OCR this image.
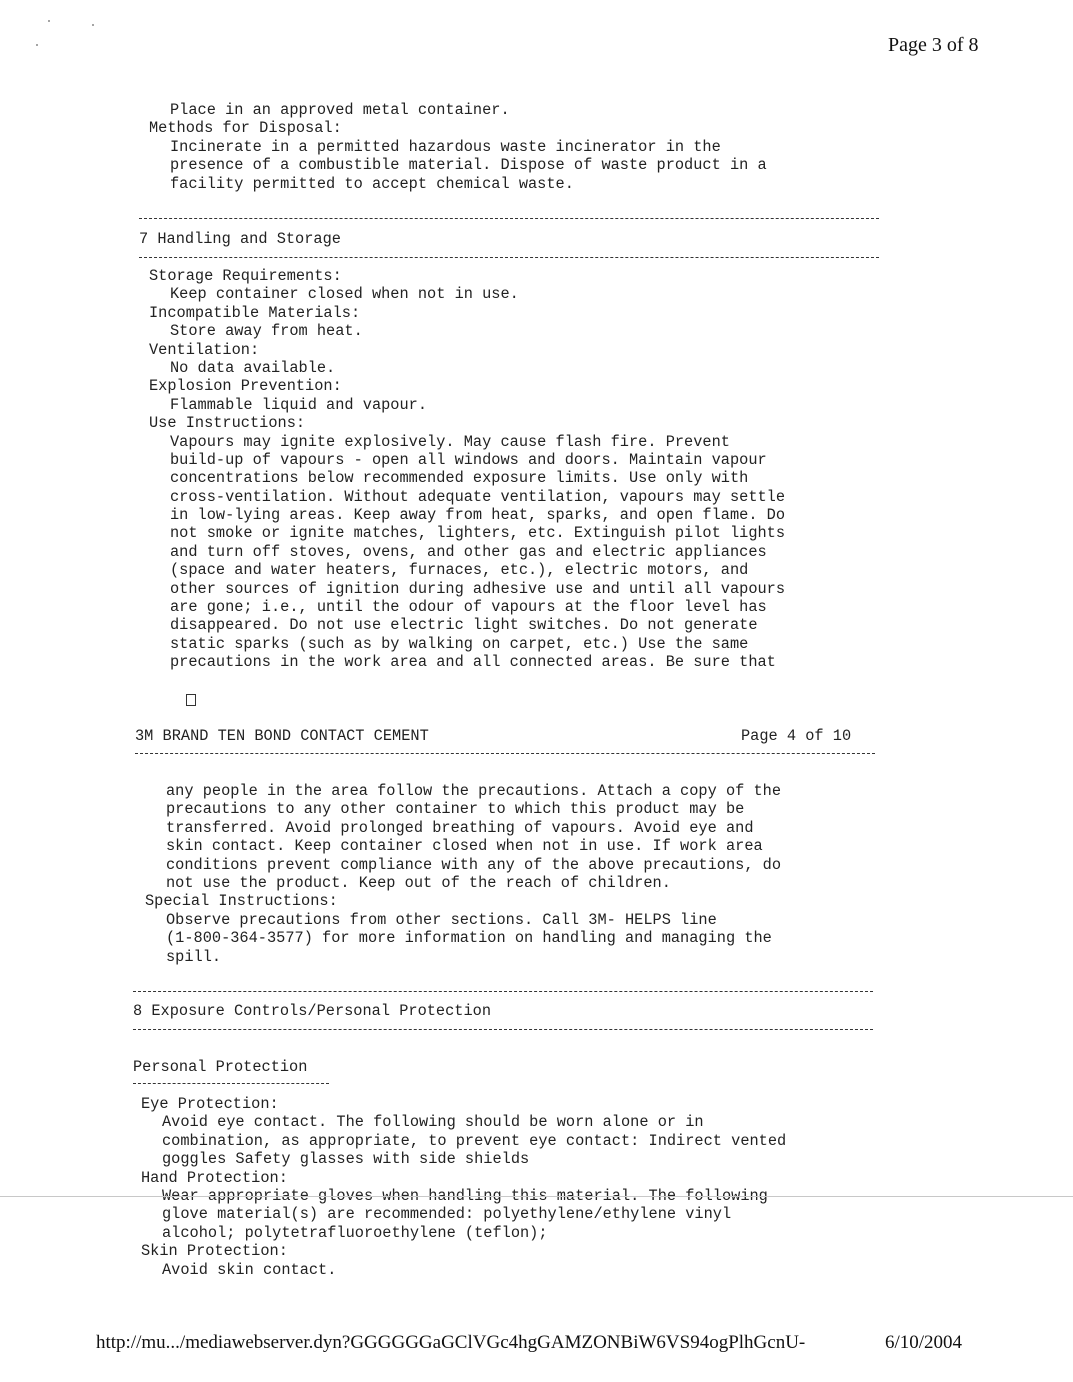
Page 3 of 8
Place in an approved metal container.
Methods for Disposal:
Incinerate in a permitted hazardous waste incinerator in the
presence of a combustible material. Dispose of waste product in a
facility permitted to accept chemical waste.
7 Handling and Storage
Storage Requirements:
Keep container closed when not in use.
Incompatible Materials:
Store away from heat.
Ventilation:
No data available.
Explosion Prevention:
Flammable liquid and vapour.
Use Instructions:
Vapours may ignite explosively. May cause flash fire. Prevent
build-up of vapours - open all windows and doors. Maintain vapour
concentrations below recommended exposure limits. Use only with
cross-ventilation. Without adequate ventilation, vapours may settle
in low-lying areas. Keep away from heat, sparks, and open flame. Do
not smoke or ignite matches, lighters, etc. Extinguish pilot lights
and turn off stoves, ovens, and other gas and electric appliances
(space and water heaters, furnaces, etc.), electric motors, and
other sources of ignition during adhesive use and until all vapours
are gone; i.e., until the odour of vapours at the floor level has
disappeared. Do not use electric light switches. Do not generate
static sparks (such as by walking on carpet, etc.) Use the same
precautions in the work area and all connected areas. Be sure that

3M BRAND TEN BOND CONTACT CEMENT	Page 4 of 10
any people in the area follow the precautions. Attach a copy of the
precautions to any other container to which this product may be
transferred. Avoid prolonged breathing of vapours. Avoid eye and
skin contact. Keep container closed when not in use. If work area
conditions prevent compliance with any of the above precautions, do
not use the product. Keep out of the reach of children.
Special Instructions:
Observe precautions from other sections. Call 3M- HELPS line
(1-800-364-3577) for more information on handling and managing the
spill.
8 Exposure Controls/Personal Protection
Personal Protection
Eye Protection:
Avoid eye contact. The following should be worn alone or in
combination, as appropriate, to prevent eye contact: Indirect vented
goggles Safety glasses with side shields
Hand Protection:
Wear appropriate gloves when handling this material. The following
glove material(s) are recommended: polyethylene/ethylene vinyl
alcohol; polytetrafluoroethylene (teflon);
Skin Protection:
Avoid skin contact.
http://mu.../mediawebserver.dyn?GGGGGGaGClVGc4hgGAMZONBiW6VS94ogPlhGcnU-	6/10/2004
